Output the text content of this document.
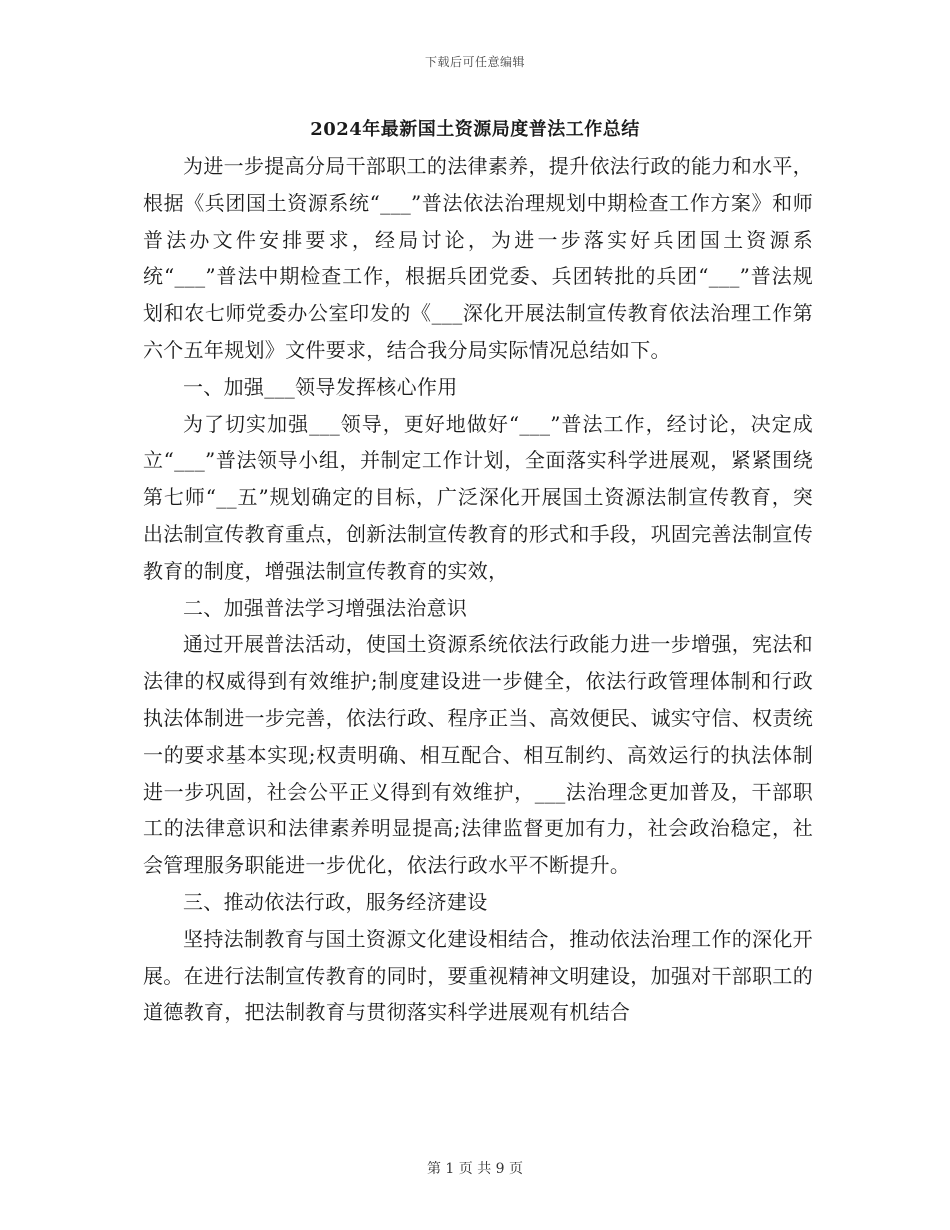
下载后可任意编辑
2024年最新国土资源局度普法工作总结

为进一步提高分局干部职工的法律素养，提升依法行政的能力和水平，根据《兵团国土资源系统“___”普法依法治理规划中期检查工作方案》和师普法办文件安排要求，经局讨论，为进一步落实好兵团国土资源系统“___”普法中期检查工作，根据兵团党委、兵团转批的兵团“___”普法规划和农七师党委办公室印发的《___深化开展法制宣传教育依法治理工作第六个五年规划》文件要求，结合我分局实际情况总结如下。

一、加强___领导发挥核心作用

为了切实加强___领导，更好地做好“___”普法工作，经讨论，决定成立“___”普法领导小组，并制定工作计划，全面落实科学进展观，紧紧围绕第七师“__五”规划确定的目标，广泛深化开展国土资源法制宣传教育，突出法制宣传教育重点，创新法制宣传教育的形式和手段，巩固完善法制宣传教育的制度，增强法制宣传教育的实效，

二、加强普法学习增强法治意识

通过开展普法活动，使国土资源系统依法行政能力进一步增强，宪法和法律的权威得到有效维护;制度建设进一步健全，依法行政管理体制和行政执法体制进一步完善，依法行政、程序正当、高效便民、诚实守信、权责统一的要求基本实现;权责明确、相互配合、相互制约、高效运行的执法体制进一步巩固，社会公平正义得到有效维护，___法治理念更加普及，干部职工的法律意识和法律素养明显提高;法律监督更加有力，社会政治稳定，社会管理服务职能进一步优化，依法行政水平不断提升。

三、推动依法行政，服务经济建设

坚持法制教育与国土资源文化建设相结合，推动依法治理工作的深化开展。在进行法制宣传教育的同时，要重视精神文明建设，加强对干部职工的道德教育，把法制教育与贯彻落实科学进展观有机结合

第 1 页 共 9 页
